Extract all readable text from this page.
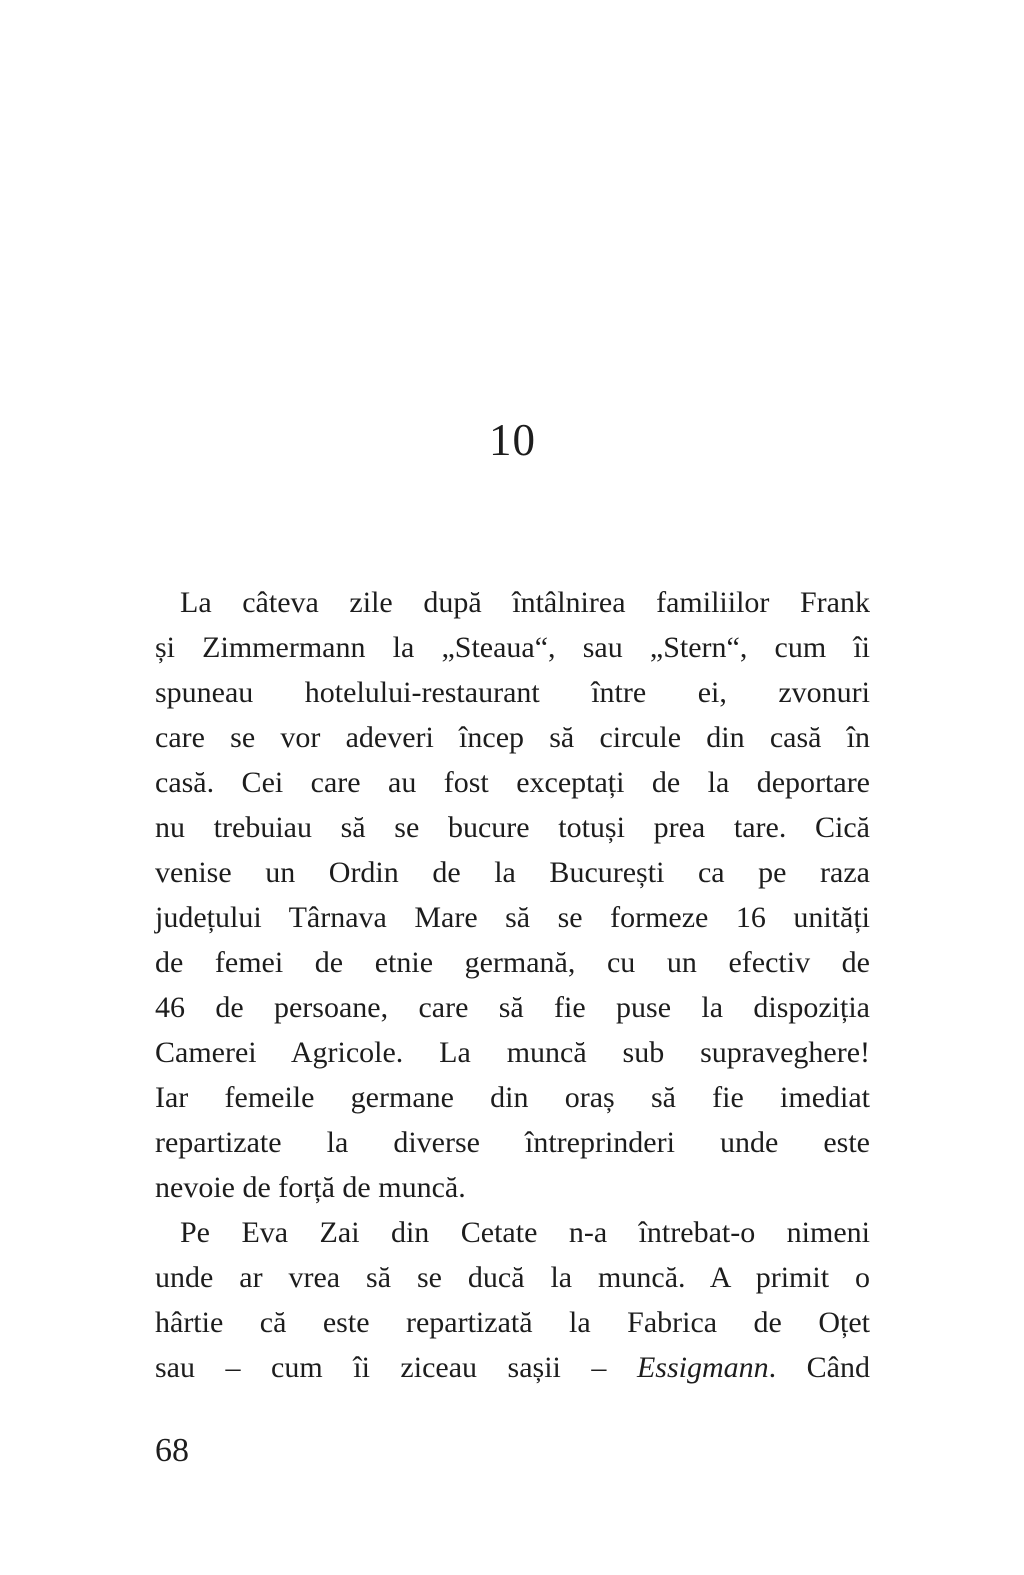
10
La câteva zile după întâlnirea familiilor Frank
și Zimmermann la „Steaua“, sau „Stern“, cum îi
spuneau hotelului-restaurant între ei, zvonuri
care se vor adeveri încep să circule din casă în
casă. Cei care au fost exceptați de la deportare
nu trebuiau să se bucure totuși prea tare. Cică
venise un Ordin de la București ca pe raza
județului Târnava Mare să se formeze 16 unități
de femei de etnie germană, cu un efectiv de
46 de persoane, care să fie puse la dispoziția
Camerei Agricole. La muncă sub supraveghere!
Iar femeile germane din oraș să fie imediat
repartizate la diverse întreprinderi unde este
nevoie de forță de muncă.
Pe Eva Zai din Cetate n-a întrebat-o nimeni
unde ar vrea să se ducă la muncă. A primit o
hârtie că este repartizată la Fabrica de Oțet
sau – cum îi ziceau sașii – Essigmann. Când
68
